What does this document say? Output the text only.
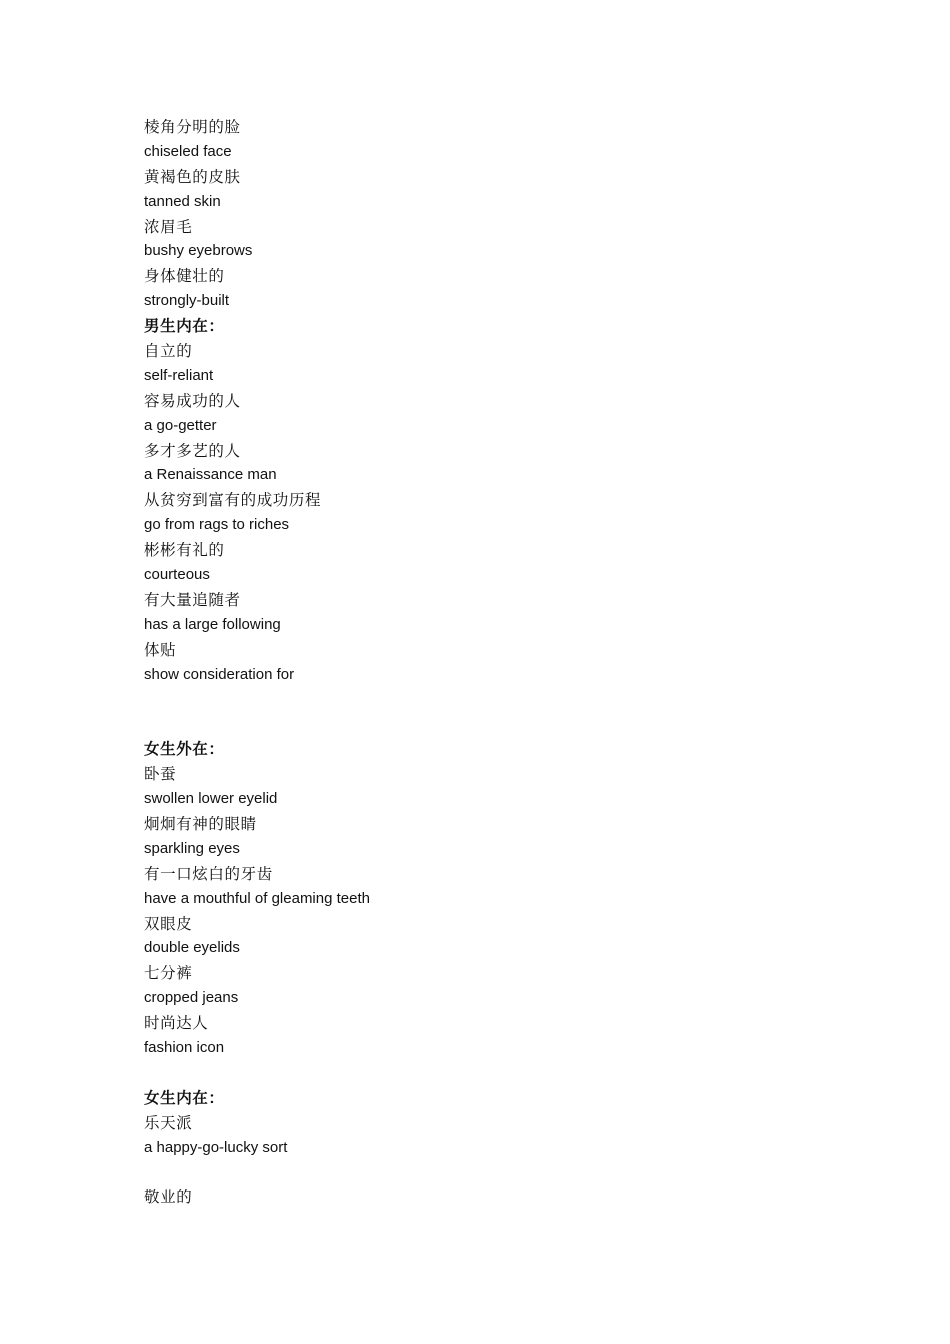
棱角分明的脸
chiseled face
黄褐色的皮肤
tanned skin
浓眉毛
bushy eyebrows
身体健壮的
strongly-built
男生内在：
自立的
self-reliant
容易成功的人
a go-getter
多才多艺的人
a Renaissance man
从贫穷到富有的成功历程
go from rags to riches
彬彬有礼的
courteous
有大量追随者
has a large following
体贴
show consideration for
女生外在：
卧蚕
swollen lower eyelid
炯炯有神的眼睛
sparkling eyes
有一口炫白的牙齿
have a mouthful of gleaming teeth
双眼皮
double eyelids
七分裤
cropped jeans
时尚达人
fashion icon
女生内在：
乐天派
a happy-go-lucky sort
敬业的
